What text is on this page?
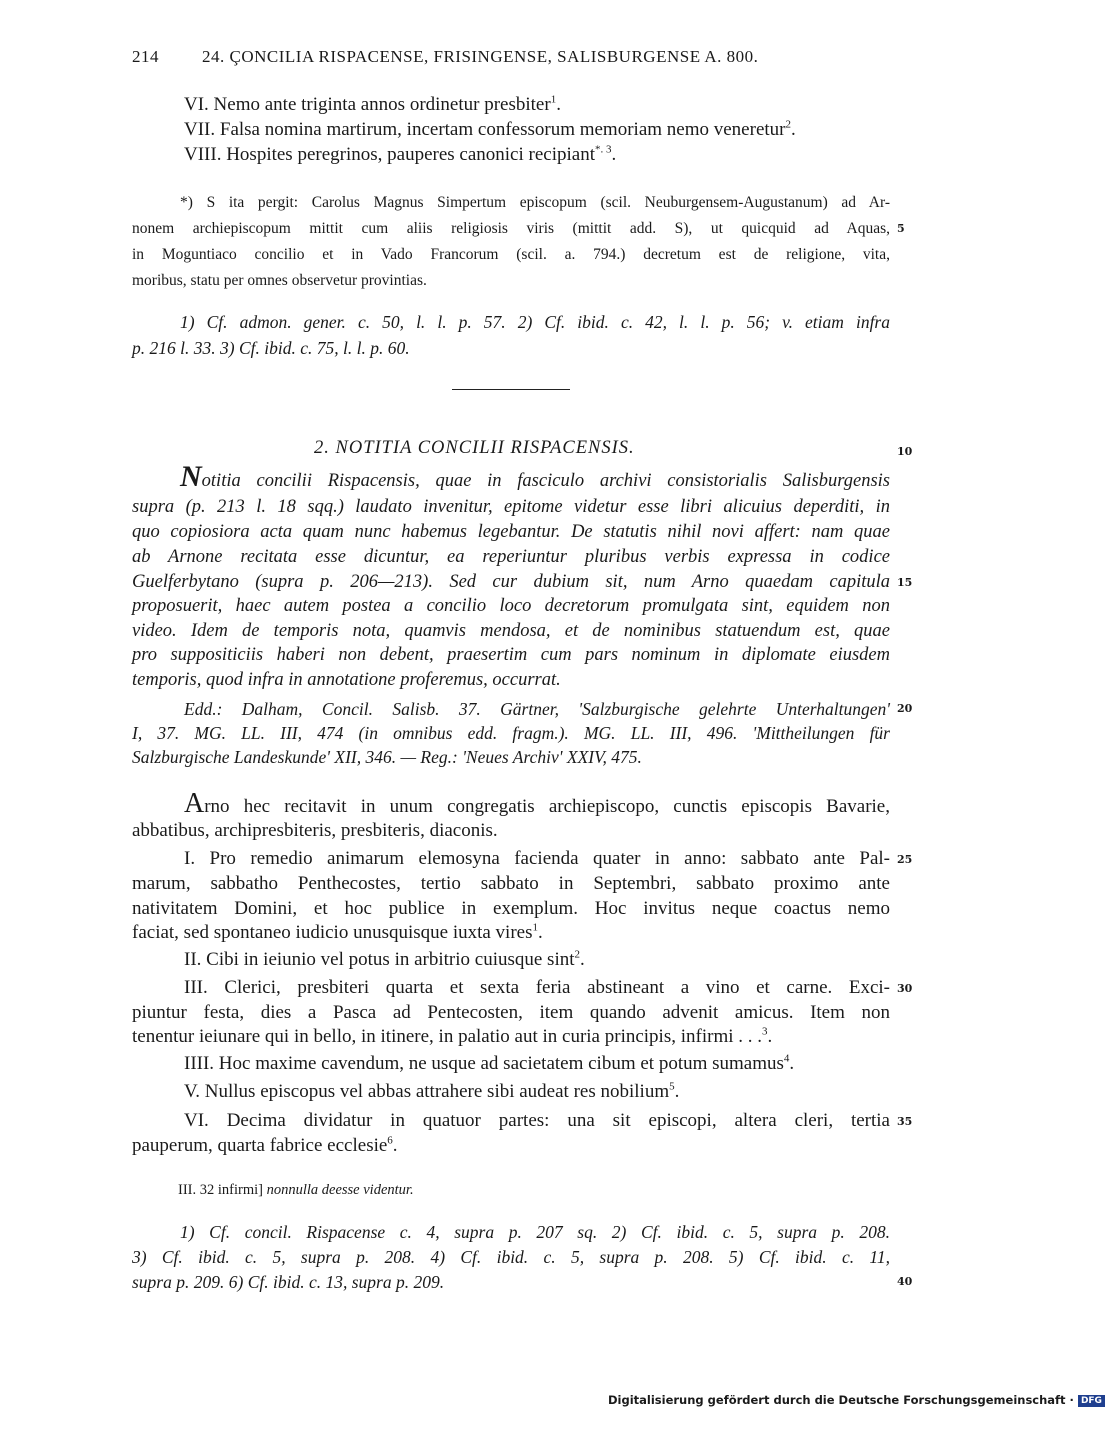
214	24. ÇONCILIA RISPACENSE, FRISINGENSE, SALISBURGENSE A. 800.
VI. Nemo ante triginta annos ordinetur presbiter$^1$.
VII. Falsa nomina martirum, incertam confessorum memoriam nemo veneretur$^2$.
VIII. Hospites peregrinos, pauperes canonici recipiant$^{*. 3}$.
*) S ita pergit: Carolus Magnus Simpertum episcopum (scil. Neuburgensem-Augustanum) ad Ar-
nonem archiepiscopum mittit cum aliis religiosis viris (mittit add. S), ut quicquid ad Aquas,
in Moguntiaco concilio et in Vado Francorum (scil. a. 794.) decretum est de religione, vita,
moribus, statu per omnes observetur provintias.
5
1) Cf. admon. gener. c. 50, l. l. p. 57. 2) Cf. ibid. c. 42, l. l. p. 56; v. etiam infra
p. 216 l. 33. 3) Cf. ibid. c. 75, l. l. p. 60.
2. NOTITIA CONCILII RISPACENSIS.	10
Notitia concilii Rispacensis, quae in fasciculo archivi consistorialis Salisburgensis
supra (p. 213 l. 18 sqq.) laudato invenitur, epitome videtur esse libri alicuius deperditi, in
quo copiosiora acta quam nunc habemus legebantur. De statutis nihil novi affert: nam quae
ab Arnone recitata esse dicuntur, ea reperiuntur pluribus verbis expressa in codice
Guelferbytano (supra p. 206—213). Sed cur dubium sit, num Arno quaedam capitula 15
proposuerit, haec autem postea a concilio loco decretorum promulgata sint, equidem non
video. Idem de temporis nota, quamvis mendosa, et de nominibus statuendum est, quae
pro suppositiciis haberi non debent, praesertim cum pars nominum in diplomate eiusdem
temporis, quod infra in annotatione proferemus, occurrat.
Edd.: Dalham, Concil. Salisb. 37. Gärtner, 'Salzburgische gelehrte Unterhaltungen' 20
I, 37. MG. LL. III, 474 (in omnibus edd. fragm.). MG. LL. III, 496. 'Mittheilungen für
Salzburgische Landeskunde' XII, 346. — Reg.: 'Neues Archiv' XXIV, 475.
Arno hec recitavit in unum congregatis archiepiscopo, cunctis episcopis Bavarie,
abbatibus, archipresbiteris, presbiteris, diaconis.
I. Pro remedio animarum elemosyna facienda quater in anno: sabbato ante Pal- 25
marum, sabbatho Penthecostes, tertio sabbato in Septembri, sabbato proximo ante
nativitatem Domini, et hoc publice in exemplum. Hoc invitus neque coactus nemo
faciat, sed spontaneo iudicio unusquisque iuxta vires$^1$.
II. Cibi in ieiunio vel potus in arbitrio cuiusque sint$^2$.
III. Clerici, presbiteri quarta et sexta feria abstineant a vino et carne. Exci- 30
piuntur festa, dies a Pasca ad Pentecosten, item quando advenit amicus. Item non
tenentur ieiunare qui in bello, in itinere, in palatio aut in curia principis, infirmi . . .$^3$.
IIII. Hoc maxime cavendum, ne usque ad sacietatem cibum et potum sumamus$^4$.
V. Nullus episcopus vel abbas attrahere sibi audeat res nobilium$^5$.
VI. Decima dividatur in quatuor partes: una sit episcopi, altera cleri, tertia 35
pauperum, quarta fabrice ecclesie$^6$.
III. 32 infirmi] nonnulla deesse videntur.
1) Cf. concil. Rispacense c. 4, supra p. 207 sq. 2) Cf. ibid. c. 5, supra p. 208.
3) Cf. ibid. c. 5, supra p. 208. 4) Cf. ibid. c. 5, supra p. 208. 5) Cf. ibid. c. 11,
supra p. 209. 6) Cf. ibid. c. 13, supra p. 209.	40
Digitalisierung gefördert durch die Deutsche Forschungsgemeinschaft · DFG
